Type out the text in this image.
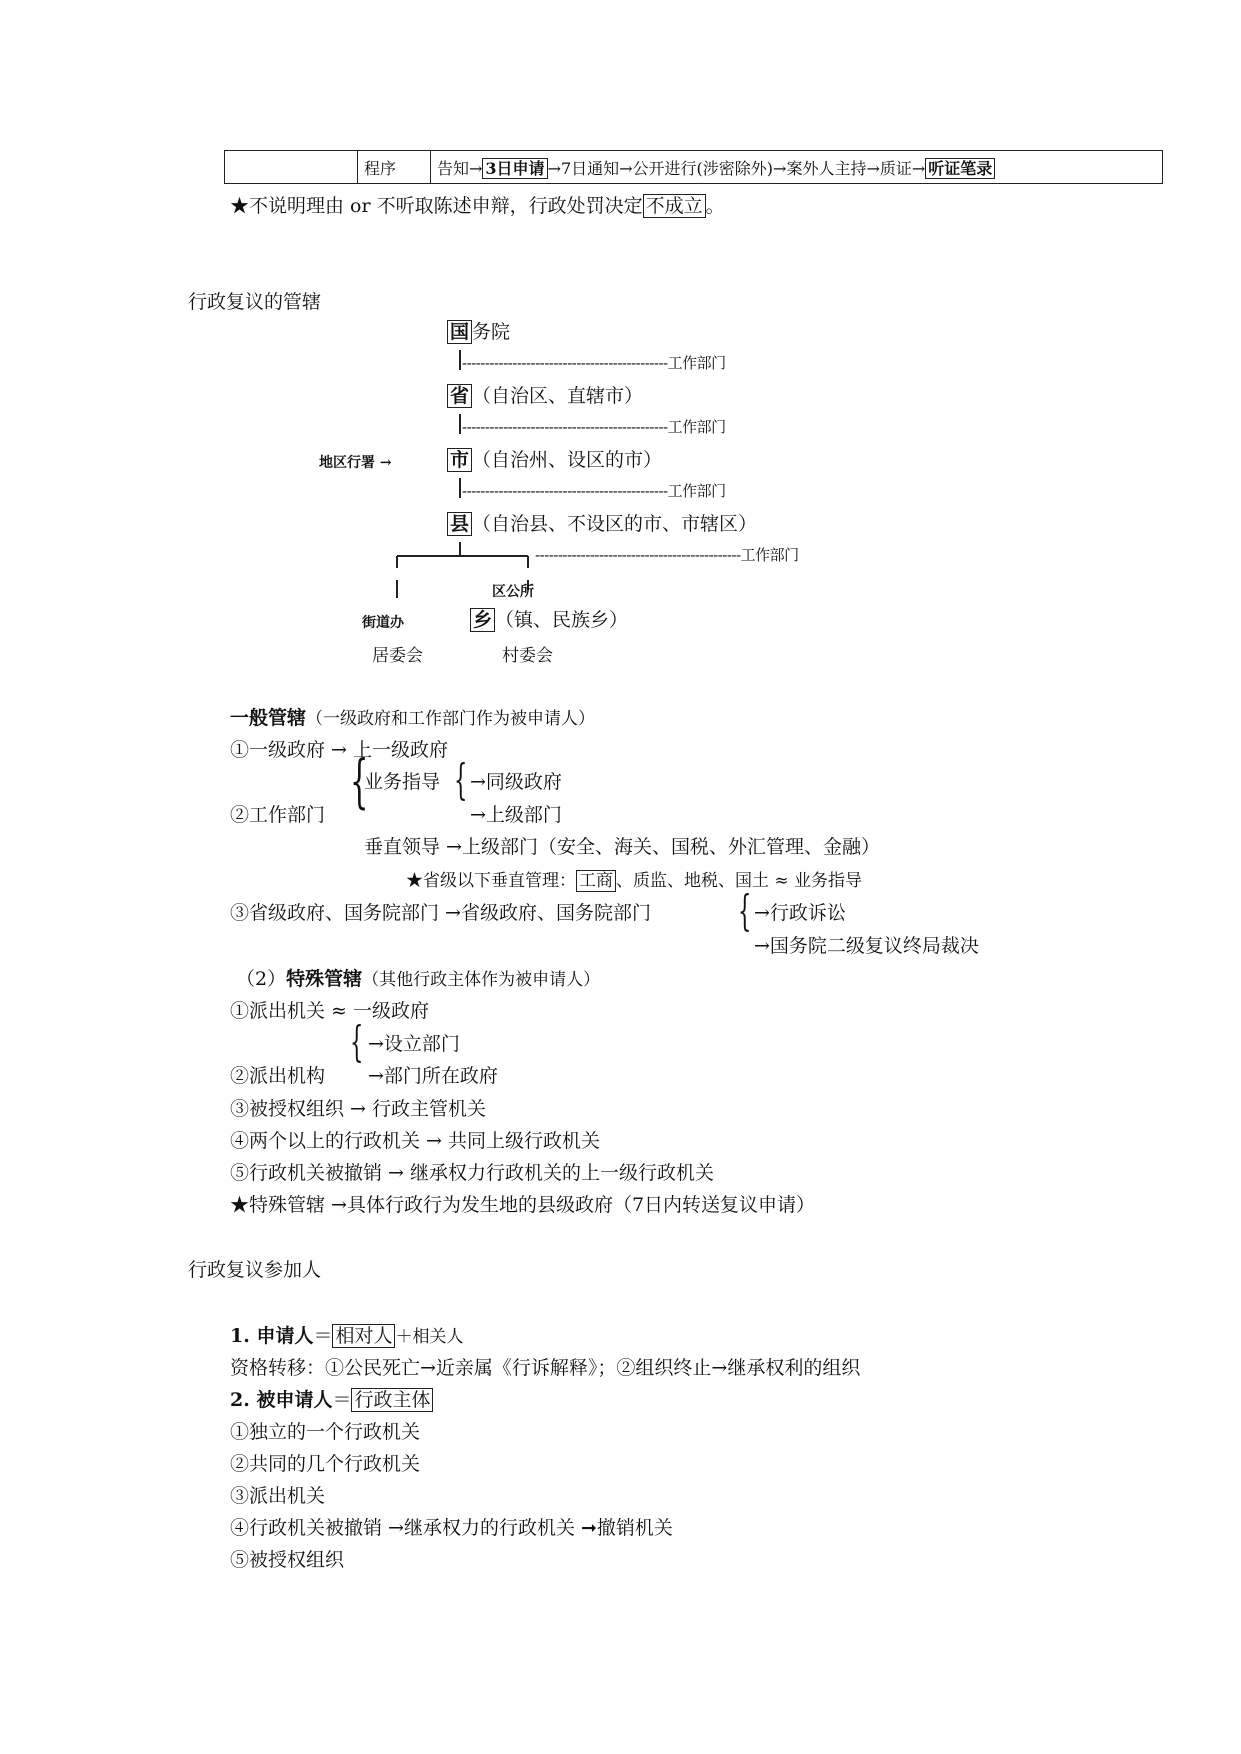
	程序	告知→ 3日申请 →7日通知→公开进行(涉密除外)→案外人主持→质证→ 听证笔录
★不说明理由 or 不听取陈述申辩，行政处罚决定 不成立 。
行政复议的管辖
国 务院
---------------------------------------------工作部门
省 （自治区、直辖市）
---------------------------------------------工作部门
地区行署 →	市 （自治州、设区的市）
---------------------------------------------工作部门
县 （自治县、不设区的市、市辖区）
---------------------------------------------工作部门
区公所
街道办	乡 （镇、民族乡）
居委会	村委会
一般管辖（一级政府和工作部门作为被申请人）
①一级政府 → 上一级政府
②工作部门 {
业务指导 { →同级政府
→上级部门
垂直领导 →上级部门（安全、海关、国税、外汇管理、金融）
★省级以下垂直管理： 工商 、质监、地税、国土 ≈ 业务指导
③省级政府、国务院部门 →省级政府、国务院部门 { →行政诉讼
→国务院二级复议终局裁决
（2）特殊管辖（其他行政主体作为被申请人）
①派出机关 ≈ 一级政府
②派出机构
{ →设立部门
→部门所在政府
③被授权组织 → 行政主管机关
④两个以上的行政机关 → 共同上级行政机关
⑤行政机关被撤销 → 继承权力行政机关的上一级行政机关
★特殊管辖 →具体行政行为发生地的县级政府（7日内转送复议申请）
行政复议参加人
1. 申请人＝ 相对人 ＋相关人
资格转移：①公民死亡→近亲属《行诉解释》；②组织终止→继承权利的组织
2. 被申请人＝ 行政主体
①独立的一个行政机关
②共同的几个行政机关
③派出机关
④行政机关被撤销 →继承权力的行政机关 ➞撤销机关
⑤被授权组织
